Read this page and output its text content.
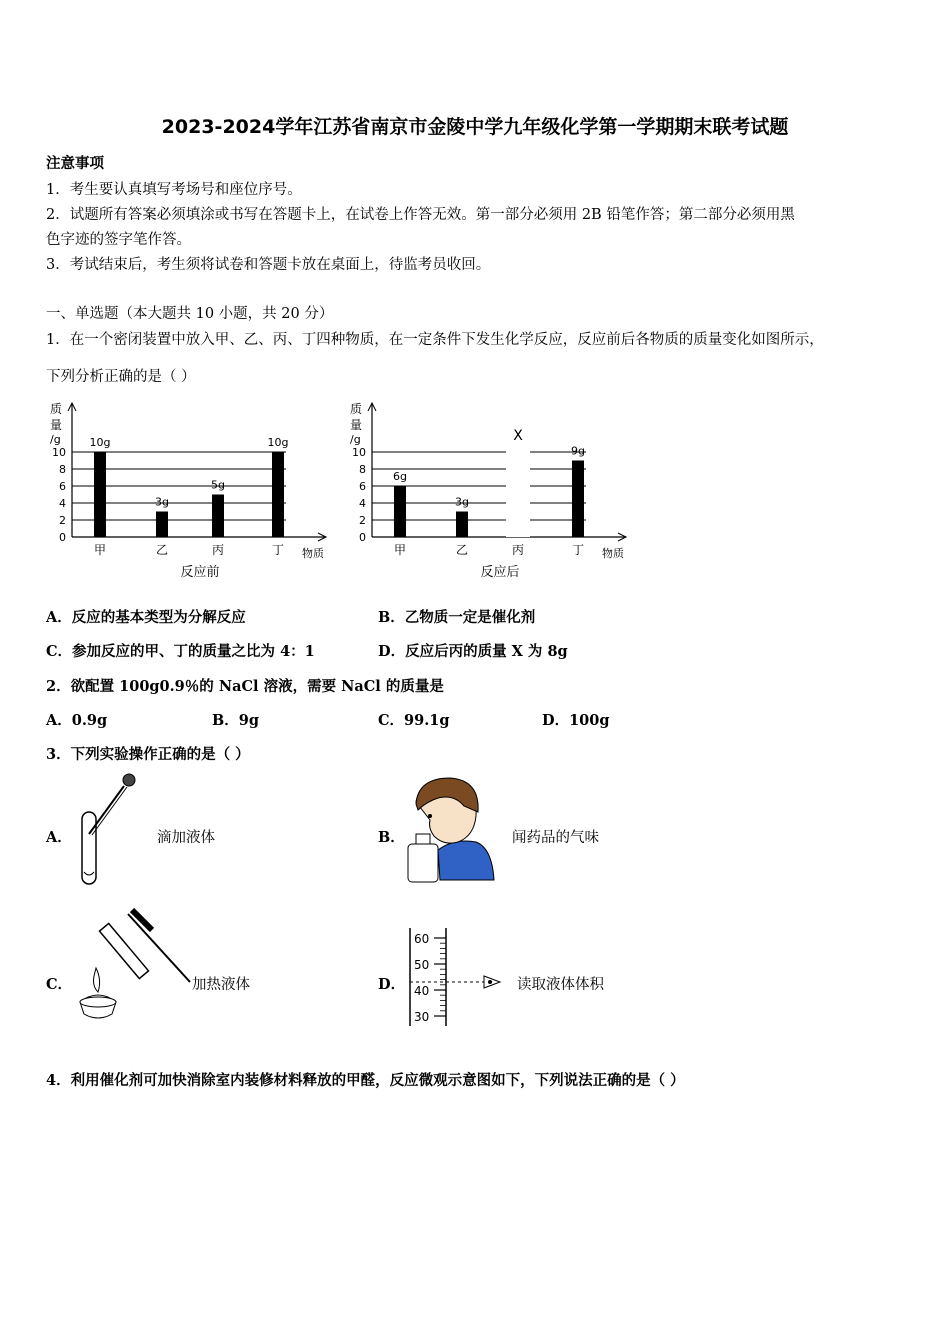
2023-2024学年江苏省南京市金陵中学九年级化学第一学期期末联考试题
注意事项
1．考生要认真填写考场号和座位序号。
2．试题所有答案必须填涂或书写在答题卡上，在试卷上作答无效。第一部分必须用 2B 铅笔作答；第二部分必须用黑
色字迹的签字笔作答。
3．考试结束后，考生须将试卷和答题卡放在桌面上，待监考员收回。
一、单选题（本大题共 10 小题，共 20 分）
1．在一个密闭装置中放入甲、乙、丙、丁四种物质，在一定条件下发生化学反应，反应前后各物质的质量变化如图所示，
下列分析正确的是（ ）
质
量
/g
0
2
4
6
8
10
10g
甲
3g
乙
5g
丙
10g
丁 物质
反应前
质
量
/g
0
2
4
6
8
10
6g
甲
3g
乙
X
丙
9g
丁 物质
反应后
A．反应的基本类型为分解反应	B．乙物质一定是催化剂
C．参加反应的甲、丁的质量之比为 4：1	D．反应后丙的质量 X 为 8g
2．欲配置 100g0.9％的 NaCl 溶液，需要 NaCl 的质量是
A．0.9g	B．9g	C．99.1g	D．100g
3．下列实验操作正确的是（ ）
A．	滴加液体	B．	闻药品的气味
C．	加热液体	D．
60
50
40
30
读取液体体积
4．利用催化剂可加快消除室内装修材料释放的甲醛，反应微观示意图如下，下列说法正确的是（ ）
